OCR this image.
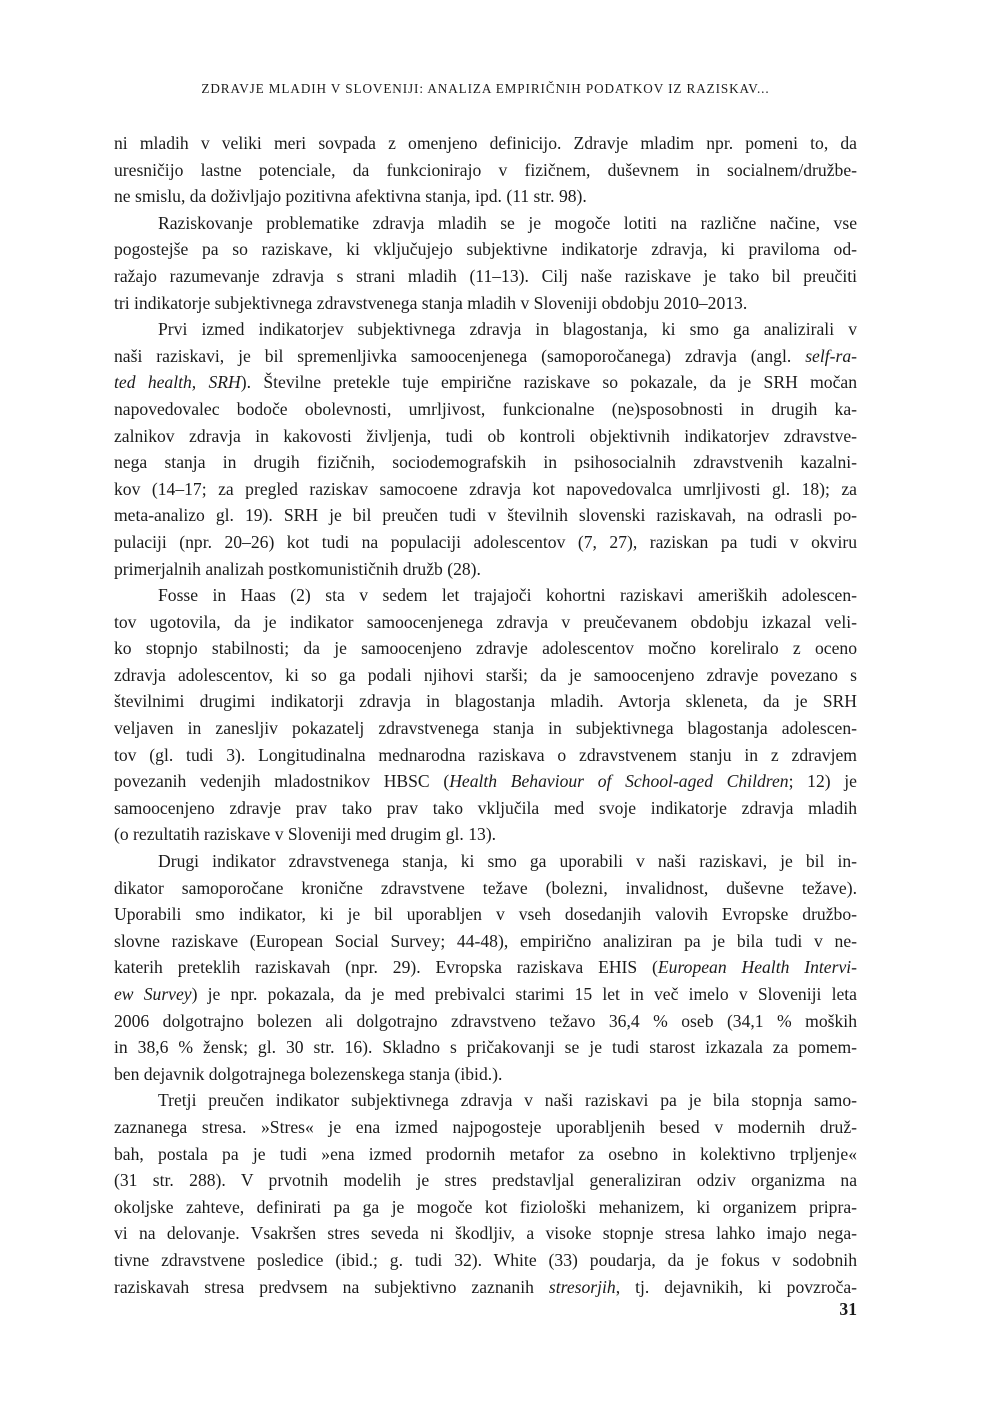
ZDRAVJE MLADIH V SLOVENIJI: ANALIZA EMPIRIČNIH PODATKOV IZ RAZISKAV...
ni mladih v veliki meri sovpada z omenjeno definicijo. Zdravje mladim npr. pomeni to, da
uresničijo lastne potenciale, da funkcionirajo v fizičnem, duševnem in socialnem/družbe-
ne smislu, da doživljajo pozitivna afektivna stanja, ipd. (11 str. 98).
Raziskovanje problematike zdravja mladih se je mogoče lotiti na različne načine, vse
pogostejše pa so raziskave, ki vključujejo subjektivne indikatorje zdravja, ki praviloma od-
ražajo razumevanje zdravja s strani mladih (11–13). Cilj naše raziskave je tako bil preučiti
tri indikatorje subjektivnega zdravstvenega stanja mladih v Sloveniji obdobju 2010–2013.
Prvi izmed indikatorjev subjektivnega zdravja in blagostanja, ki smo ga analizirali v
naši raziskavi, je bil spremenljivka samoocenjenega (samoporočanega) zdravja (angl. self-ra-
ted health, SRH). Številne pretekle tuje empirične raziskave so pokazale, da je SRH močan
napovedovalec bodoče obolevnosti, umrljivost, funkcionalne (ne)sposobnosti in drugih ka-
zalnikov zdravja in kakovosti življenja, tudi ob kontroli objektivnih indikatorjev zdravstve-
nega stanja in drugih fizičnih, sociodemografskih in psihosocialnih zdravstvenih kazalni-
kov (14–17; za pregled raziskav samocoene zdravja kot napovedovalca umrljivosti gl. 18); za
meta-analizo gl. 19). SRH je bil preučen tudi v številnih slovenski raziskavah, na odrasli po-
pulaciji (npr. 20–26) kot tudi na populaciji adolescentov (7, 27), raziskan pa tudi v okviru
primerjalnih analizah postkomunističnih družb (28).
Fosse in Haas (2) sta v sedem let trajajoči kohortni raziskavi ameriških adolescen-
tov ugotovila, da je indikator samoocenjenega zdravja v preučevanem obdobju izkazal veli-
ko stopnjo stabilnosti; da je samoocenjeno zdravje adolescentov močno koreliralo z oceno
zdravja adolescentov, ki so ga podali njihovi starši; da je samoocenjeno zdravje povezano s
številnimi drugimi indikatorji zdravja in blagostanja mladih. Avtorja skleneta, da je SRH
veljaven in zanesljiv pokazatelj zdravstvenega stanja in subjektivnega blagostanja adolescen-
tov (gl. tudi 3). Longitudinalna mednarodna raziskava o zdravstvenem stanju in z zdravjem
povezanih vedenjih mladostnikov HBSC (Health Behaviour of School-aged Children; 12) je
samoocenjeno zdravje prav tako prav tako vključila med svoje indikatorje zdravja mladih
(o rezultatih raziskave v Sloveniji med drugim gl. 13).
Drugi indikator zdravstvenega stanja, ki smo ga uporabili v naši raziskavi, je bil in-
dikator samoporočane kronične zdravstvene težave (bolezni, invalidnost, duševne težave).
Uporabili smo indikator, ki je bil uporabljen v vseh dosedanjih valovih Evropske družbo-
slovne raziskave (European Social Survey; 44-48), empirično analiziran pa je bila tudi v ne-
katerih preteklih raziskavah (npr. 29). Evropska raziskava EHIS (European Health Intervi-
ew Survey) je npr. pokazala, da je med prebivalci starimi 15 let in več imelo v Sloveniji leta
2006 dolgotrajno bolezen ali dolgotrajno zdravstveno težavo 36,4 % oseb (34,1 % moških
in 38,6 % žensk; gl. 30 str. 16). Skladno s pričakovanji se je tudi starost izkazala za pomem-
ben dejavnik dolgotrajnega bolezenskega stanja (ibid.).
Tretji preučen indikator subjektivnega zdravja v naši raziskavi pa je bila stopnja samo-
zaznanega stresa. »Stres« je ena izmed najpogosteje uporabljenih besed v modernih druž-
bah, postala pa je tudi »ena izmed prodornih metafor za osebno in kolektivno trpljenje«
(31 str. 288). V prvotnih modelih je stres predstavljal generaliziran odziv organizma na
okoljske zahteve, definirati pa ga je mogoče kot fiziološki mehanizem, ki organizem pripra-
vi na delovanje. Vsakršen stres seveda ni škodljiv, a visoke stopnje stresa lahko imajo nega-
tivne zdravstvene posledice (ibid.; g. tudi 32). White (33) poudarja, da je fokus v sodobnih
raziskavah stresa predvsem na subjektivno zaznanih stresorjih, tj. dejavnikih, ki povzroča-
31
